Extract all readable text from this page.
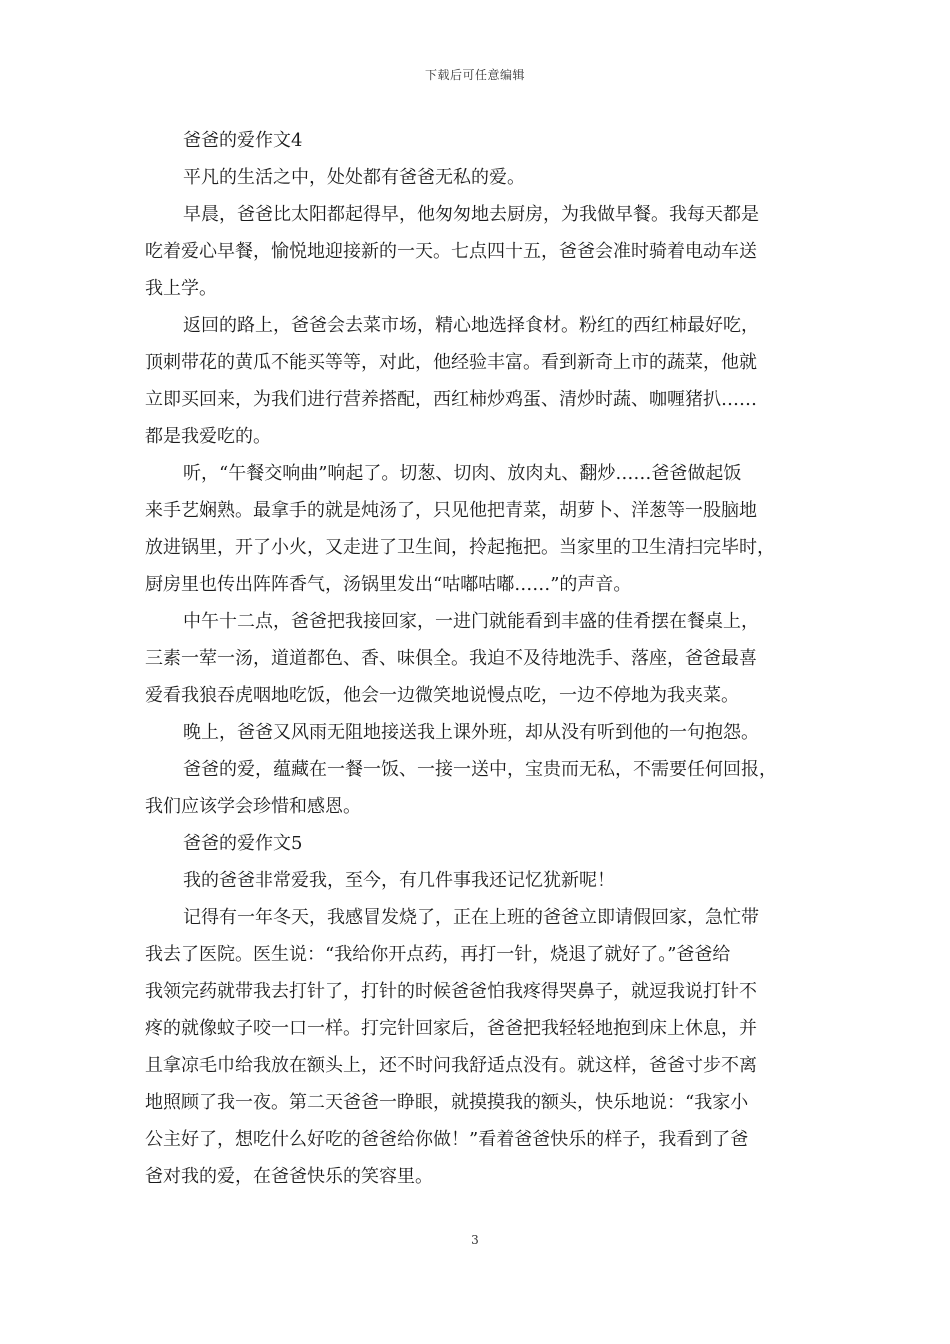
下载后可任意编辑
爸爸的爱作文4
平凡的生活之中，处处都有爸爸无私的爱。
早晨，爸爸比太阳都起得早，他匆匆地去厨房，为我做早餐。我每天都是
吃着爱心早餐，愉悦地迎接新的一天。七点四十五，爸爸会准时骑着电动车送
我上学。
返回的路上，爸爸会去菜市场，精心地选择食材。粉红的西红柿最好吃，
顶刺带花的黄瓜不能买等等，对此，他经验丰富。看到新奇上市的蔬菜，他就
立即买回来，为我们进行营养搭配，西红柿炒鸡蛋、清炒时蔬、咖喱猪扒……
都是我爱吃的。
听，“午餐交响曲”响起了。切葱、切肉、放肉丸、翻炒……爸爸做起饭
来手艺娴熟。最拿手的就是炖汤了，只见他把青菜，胡萝卜、洋葱等一股脑地
放进锅里，开了小火，又走进了卫生间，拎起拖把。当家里的卫生清扫完毕时，
厨房里也传出阵阵香气，汤锅里发出“咕嘟咕嘟……”的声音。
中午十二点，爸爸把我接回家，一进门就能看到丰盛的佳肴摆在餐桌上，
三素一荤一汤，道道都色、香、味俱全。我迫不及待地洗手、落座，爸爸最喜
爱看我狼吞虎咽地吃饭，他会一边微笑地说慢点吃，一边不停地为我夹菜。
晚上，爸爸又风雨无阻地接送我上课外班，却从没有听到他的一句抱怨。
爸爸的爱，蕴藏在一餐一饭、一接一送中，宝贵而无私，不需要任何回报，
我们应该学会珍惜和感恩。
爸爸的爱作文5
我的爸爸非常爱我，至今，有几件事我还记忆犹新呢！
记得有一年冬天，我感冒发烧了，正在上班的爸爸立即请假回家，急忙带
我去了医院。医生说：“我给你开点药，再打一针，烧退了就好了。”爸爸给
我领完药就带我去打针了，打针的时候爸爸怕我疼得哭鼻子，就逗我说打针不
疼的就像蚊子咬一口一样。打完针回家后，爸爸把我轻轻地抱到床上休息，并
且拿凉毛巾给我放在额头上，还不时问我舒适点没有。就这样，爸爸寸步不离
地照顾了我一夜。第二天爸爸一睁眼，就摸摸我的额头，快乐地说：“我家小
公主好了，想吃什么好吃的爸爸给你做！”看着爸爸快乐的样子，我看到了爸
爸对我的爱，在爸爸快乐的笑容里。
3
